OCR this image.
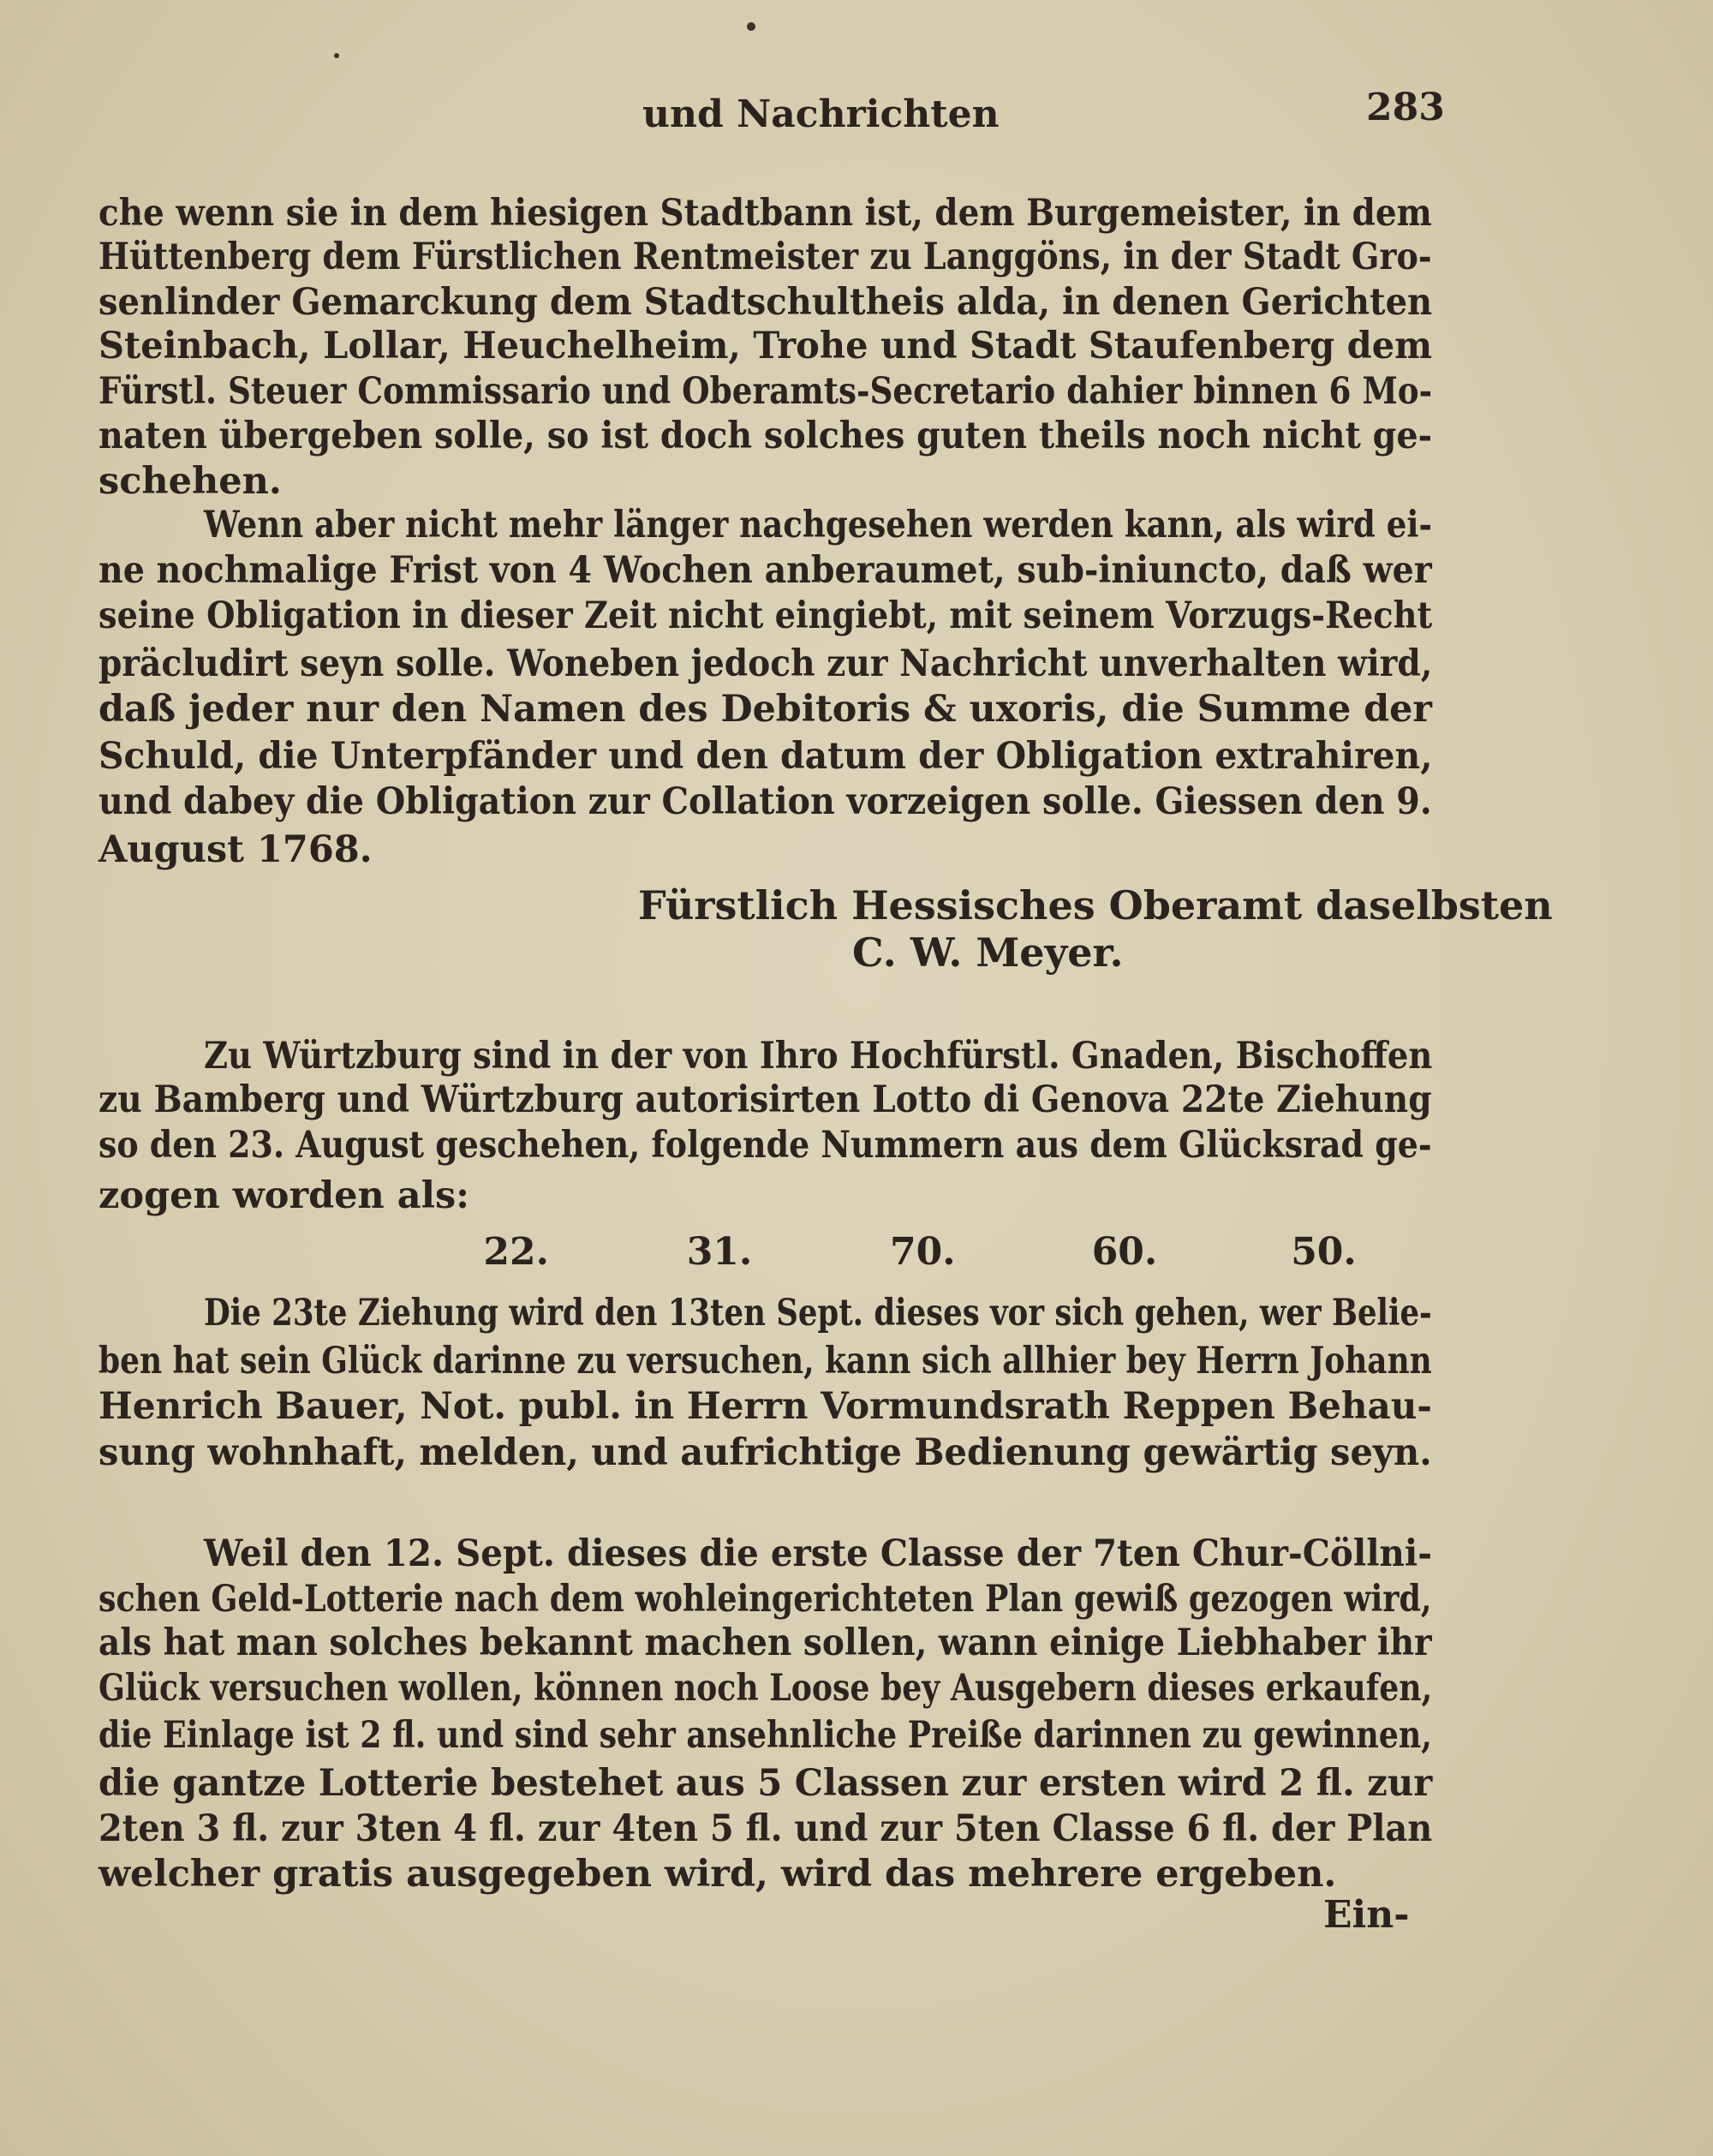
und Nachrichten	283
Fürstlich Hessisches Oberamt daselbsten
C. W. Meyer.
Ein-
che wenn sie in dem hiesigen Stadtbann ist, dem Burgemeister, in dem
Hüttenberg dem Fürstlichen Rentmeister zu Langgöns, in der Stadt Gro-
senlinder Gemarckung dem Stadtschultheis alda, in denen Gerichten
Steinbach, Lollar, Heuchelheim, Trohe und Stadt Staufenberg dem
Fürstl. Steuer Commissario und Oberamts-Secretario dahier binnen 6 Mo-
naten übergeben solle, so ist doch solches guten theils noch nicht ge-
schehen.
Wenn aber nicht mehr länger nachgesehen werden kann, als wird ei-
ne nochmalige Frist von 4 Wochen anberaumet, sub-iniuncto, daß wer
seine Obligation in dieser Zeit nicht eingiebt, mit seinem Vorzugs-Recht
präcludirt seyn solle. Woneben jedoch zur Nachricht unverhalten wird,
daß jeder nur den Namen des Debitoris & uxoris, die Summe der
Schuld, die Unterpfänder und den datum der Obligation extrahiren,
und dabey die Obligation zur Collation vorzeigen solle. Giessen den 9.
August 1768.
Zu Würtzburg sind in der von Ihro Hochfürstl. Gnaden, Bischoffen
zu Bamberg und Würtzburg autorisirten Lotto di Genova 22te Ziehung
so den 23. August geschehen, folgende Nummern aus dem Glücksrad ge-
zogen worden als:
Die 23te Ziehung wird den 13ten Sept. dieses vor sich gehen, wer Belie-
ben hat sein Glück darinne zu versuchen, kann sich allhier bey Herrn Johann
Henrich Bauer, Not. publ. in Herrn Vormundsrath Reppen Behau-
sung wohnhaft, melden, und aufrichtige Bedienung gewärtig seyn.
Weil den 12. Sept. dieses die erste Classe der 7ten Chur-Cöllni-
schen Geld-Lotterie nach dem wohleingerichteten Plan gewiß gezogen wird,
als hat man solches bekannt machen sollen, wann einige Liebhaber ihr
Glück versuchen wollen, können noch Loose bey Ausgebern dieses erkaufen,
die Einlage ist 2 fl. und sind sehr ansehnliche Preiße darinnen zu gewinnen,
die gantze Lotterie bestehet aus 5 Classen zur ersten wird 2 fl. zur
2ten 3 fl. zur 3ten 4 fl. zur 4ten 5 fl. und zur 5ten Classe 6 fl. der Plan
welcher gratis ausgegeben wird, wird das mehrere ergeben.
22.	31.	70.	60.	50.
